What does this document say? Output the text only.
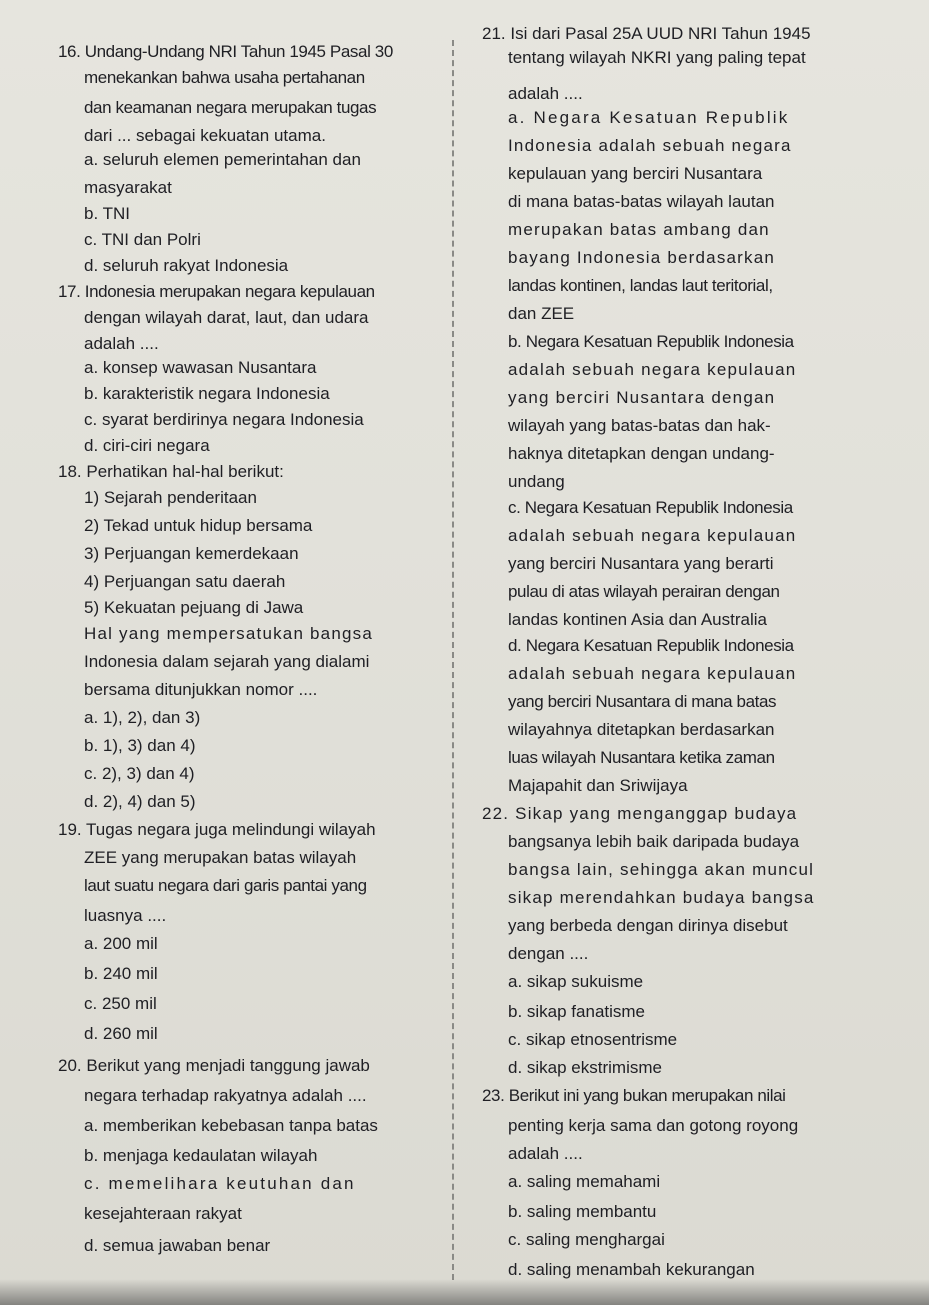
16. Undang-Undang NRI Tahun 1945 Pasal 30
menekankan bahwa usaha pertahanan
dan keamanan negara merupakan tugas
dari ... sebagai kekuatan utama.
a. seluruh elemen pemerintahan dan
masyarakat
b. TNI
c. TNI dan Polri
d. seluruh rakyat Indonesia
17. Indonesia merupakan negara kepulauan
dengan wilayah darat, laut, dan udara
adalah ....
a. konsep wawasan Nusantara
b. karakteristik negara Indonesia
c. syarat berdirinya negara Indonesia
d. ciri-ciri negara
18. Perhatikan hal-hal berikut:
1) Sejarah penderitaan
2) Tekad untuk hidup bersama
3) Perjuangan kemerdekaan
4) Perjuangan satu daerah
5) Kekuatan pejuang di Jawa
Hal yang mempersatukan bangsa
Indonesia dalam sejarah yang dialami
bersama ditunjukkan nomor ....
a. 1), 2), dan 3)
b. 1), 3) dan 4)
c. 2), 3) dan 4)
d. 2), 4) dan 5)
19. Tugas negara juga melindungi wilayah
ZEE yang merupakan batas wilayah
laut suatu negara dari garis pantai yang
luasnya ....
a. 200 mil
b. 240 mil
c. 250 mil
d. 260 mil
20. Berikut yang menjadi tanggung jawab
negara terhadap rakyatnya adalah ....
a. memberikan kebebasan tanpa batas
b. menjaga kedaulatan wilayah
c. memelihara keutuhan dan
kesejahteraan rakyat
d. semua jawaban benar
21. Isi dari Pasal 25A UUD NRI Tahun 1945
tentang wilayah NKRI yang paling tepat
adalah ....
a. Negara Kesatuan Republik
Indonesia adalah sebuah negara
kepulauan yang berciri Nusantara
di mana batas-batas wilayah lautan
merupakan batas ambang dan
bayang Indonesia berdasarkan
landas kontinen, landas laut teritorial,
dan ZEE
b. Negara Kesatuan Republik Indonesia
adalah sebuah negara kepulauan
yang berciri Nusantara dengan
wilayah yang batas-batas dan hak-
haknya ditetapkan dengan undang-
undang
c. Negara Kesatuan Republik Indonesia
adalah sebuah negara kepulauan
yang berciri Nusantara yang berarti
pulau di atas wilayah perairan dengan
landas kontinen Asia dan Australia
d. Negara Kesatuan Republik Indonesia
adalah sebuah negara kepulauan
yang berciri Nusantara di mana batas
wilayahnya ditetapkan berdasarkan
luas wilayah Nusantara ketika zaman
Majapahit dan Sriwijaya
22. Sikap yang menganggap budaya
bangsanya lebih baik daripada budaya
bangsa lain, sehingga akan muncul
sikap merendahkan budaya bangsa
yang berbeda dengan dirinya disebut
dengan ....
a. sikap sukuisme
b. sikap fanatisme
c. sikap etnosentrisme
d. sikap ekstrimisme
23. Berikut ini yang bukan merupakan nilai
penting kerja sama dan gotong royong
adalah ....
a. saling memahami
b. saling membantu
c. saling menghargai
d. saling menambah kekurangan
